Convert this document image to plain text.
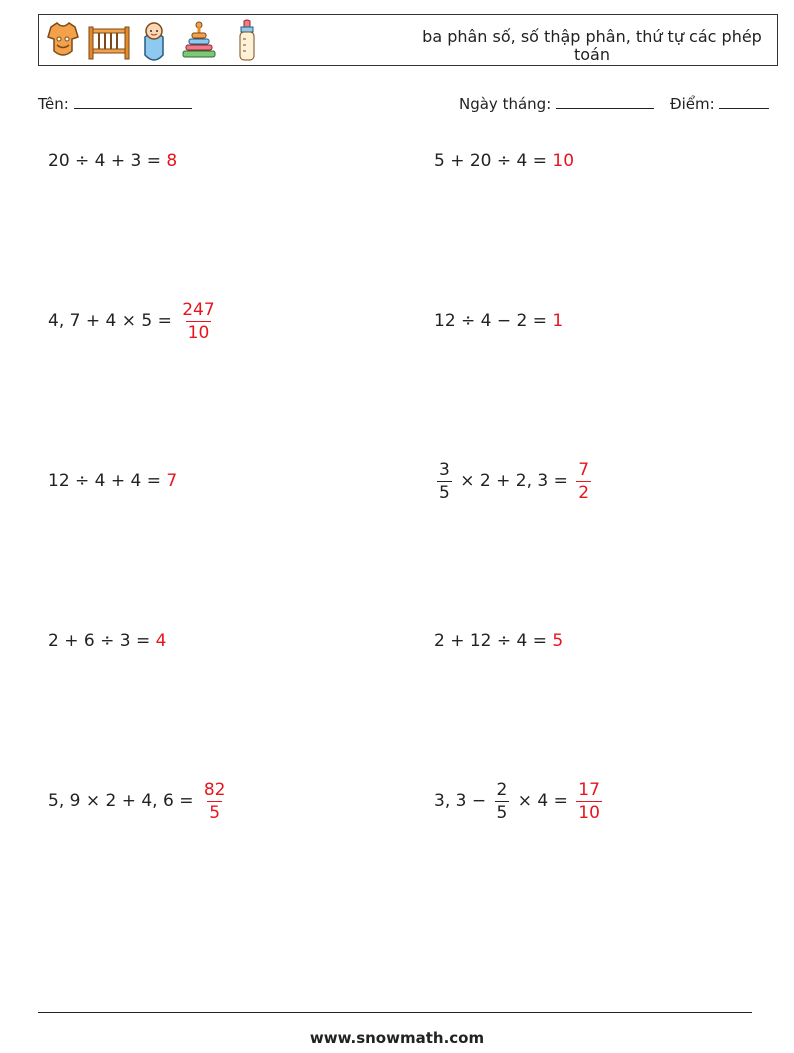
ba phân số, số thập phân, thứ tự các phép toán
Tên:	Ngày tháng:	Điểm:
20 ÷ 4 + 3 = 8	5 + 20 ÷ 4 = 10
4, $7 + 4 \times 5 = \frac{247}{10}$	12 ÷ 4 − 2 = 1
12 ÷ 4 + 4 = 7	$\frac{3}{5} \times 2 + 2$, $3 = \frac{7}{2}$
2 + 6 ÷ 3 = 4	2 + 12 ÷ 4 = 5
5, 9 × 2 + 4, $6 = \frac{82}{5}$	3, $3 - \frac{2}{5} \times 4 = \frac{17}{10}$
www.snowmath.com
